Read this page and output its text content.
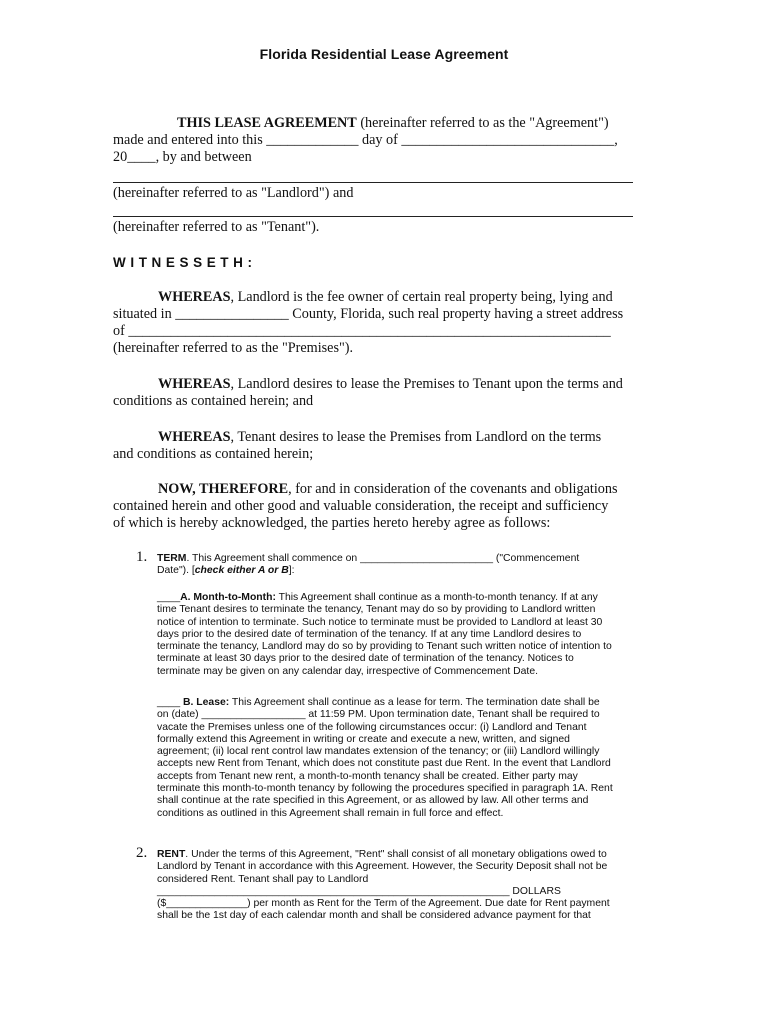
Florida Residential Lease Agreement
THIS LEASE AGREEMENT (hereinafter referred to as the "Agreement")
made and entered into this _____________ day of ______________________________,
20____, by and between
(hereinafter referred to as "Landlord") and
(hereinafter referred to as "Tenant").
WITNESSETH:
WHEREAS, Landlord is the fee owner of certain real property being, lying and
situated in ________________ County, Florida, such real property having a street address
of ____________________________________________________________________
(hereinafter referred to as the "Premises").
WHEREAS, Landlord desires to lease the Premises to Tenant upon the terms and
conditions as contained herein; and
WHEREAS, Tenant desires to lease the Premises from Landlord on the terms
and conditions as contained herein;
NOW, THEREFORE, for and in consideration of the covenants and obligations
contained herein and other good and valuable consideration, the receipt and sufficiency
of which is hereby acknowledged, the parties hereto hereby agree as follows:
1. TERM. This Agreement shall commence on _______________________ ("Commencement
Date"). [check either A or B]:
____A. Month-to-Month: This Agreement shall continue as a month-to-month tenancy. If at any
time Tenant desires to terminate the tenancy, Tenant may do so by providing to Landlord written
notice of intention to terminate. Such notice to terminate must be provided to Landlord at least 30
days prior to the desired date of termination of the tenancy. If at any time Landlord desires to
terminate the tenancy, Landlord may do so by providing to Tenant such written notice of intention to
terminate at least 30 days prior to the desired date of termination of the tenancy. Notices to
terminate may be given on any calendar day, irrespective of Commencement Date.
____ B. Lease: This Agreement shall continue as a lease for term. The termination date shall be
on (date) __________________ at 11:59 PM. Upon termination date, Tenant shall be required to
vacate the Premises unless one of the following circumstances occur: (i) Landlord and Tenant
formally extend this Agreement in writing or create and execute a new, written, and signed
agreement; (ii) local rent control law mandates extension of the tenancy; or (iii) Landlord willingly
accepts new Rent from Tenant, which does not constitute past due Rent. In the event that Landlord
accepts from Tenant new rent, a month-to-month tenancy shall be created. Either party may
terminate this month-to-month tenancy by following the procedures specified in paragraph 1A. Rent
shall continue at the rate specified in this Agreement, or as allowed by law. All other terms and
conditions as outlined in this Agreement shall remain in full force and effect.
2. RENT. Under the terms of this Agreement, "Rent" shall consist of all monetary obligations owed to
Landlord by Tenant in accordance with this Agreement. However, the Security Deposit shall not be
considered Rent. Tenant shall pay to Landlord
_____________________________________________________________ DOLLARS
($______________) per month as Rent for the Term of the Agreement. Due date for Rent payment
shall be the 1st day of each calendar month and shall be considered advance payment for that
